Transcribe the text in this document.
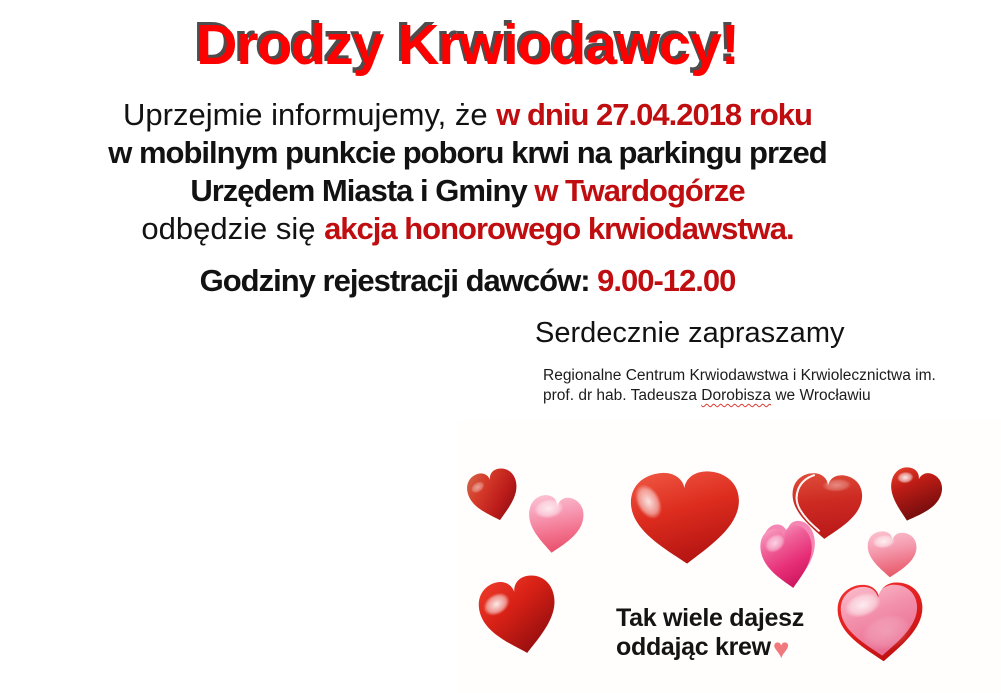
Drodzy Krwiodawcy!
Uprzejmie informujemy, że w dniu 27.04.2018 roku
w mobilnym punkcie poboru krwi na parkingu przed
Urzędem Miasta i Gminy w Twardogórze
odbędzie się akcja honorowego krwiodawstwa.
Godziny rejestracji dawców: 9.00-12.00
Serdecznie zapraszamy
Regionalne Centrum Krwiodawstwa i Krwiolecznictwa im.
prof. dr hab. Tadeusza Dorobisza we Wrocławiu
Tak wiele dajesz
oddając krew♥
